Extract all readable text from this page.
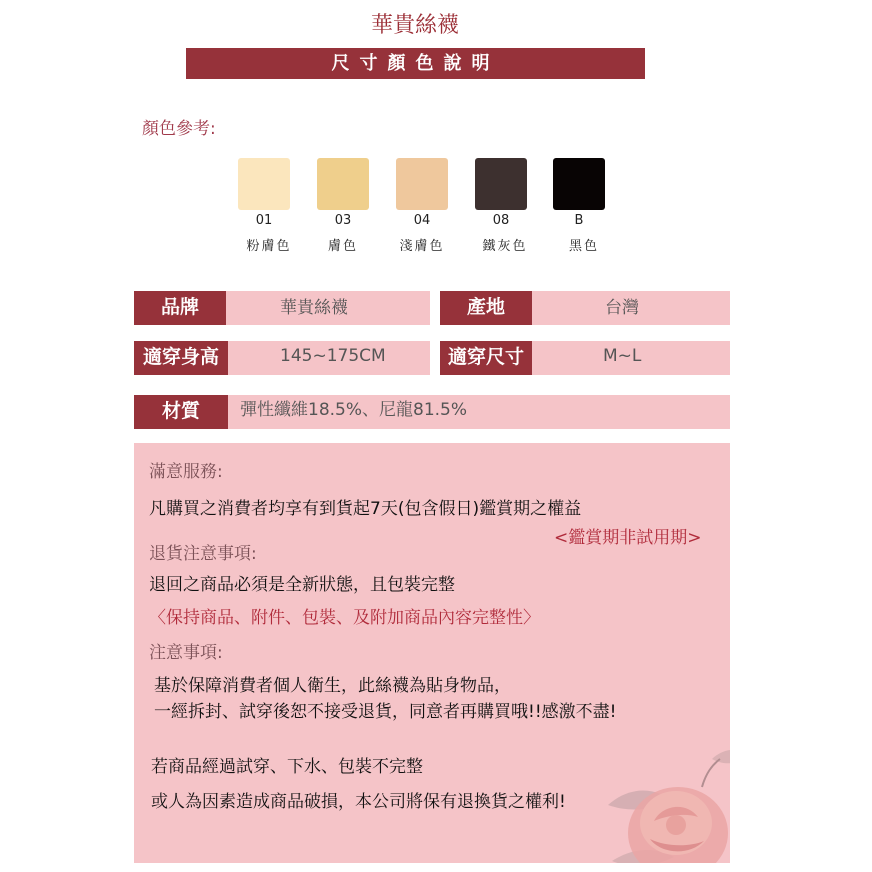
華貴絲襪
尺寸顏色說明
顏色參考:
01	03	04	08	B
粉膚色	膚色	淺膚色	鐵灰色	黑色
品牌	華貴絲襪	產地	台灣
適穿身高	145~175CM	適穿尺寸	M~L
材質	彈性纖維18.5%、尼龍81.5%
滿意服務:
凡購買之消費者均享有到貨起7天(包含假日)鑑賞期之權益
<鑑賞期非試用期>
退貨注意事項:
退回之商品必須是全新狀態，且包裝完整
〈保持商品、附件、包裝、及附加商品內容完整性〉
注意事項:
基於保障消費者個人衛生，此絲襪為貼身物品，
一經拆封、試穿後恕不接受退貨，同意者再購買哦!!感激不盡!
若商品經過試穿、下水、包裝不完整
或人為因素造成商品破損，本公司將保有退換貨之權利!
